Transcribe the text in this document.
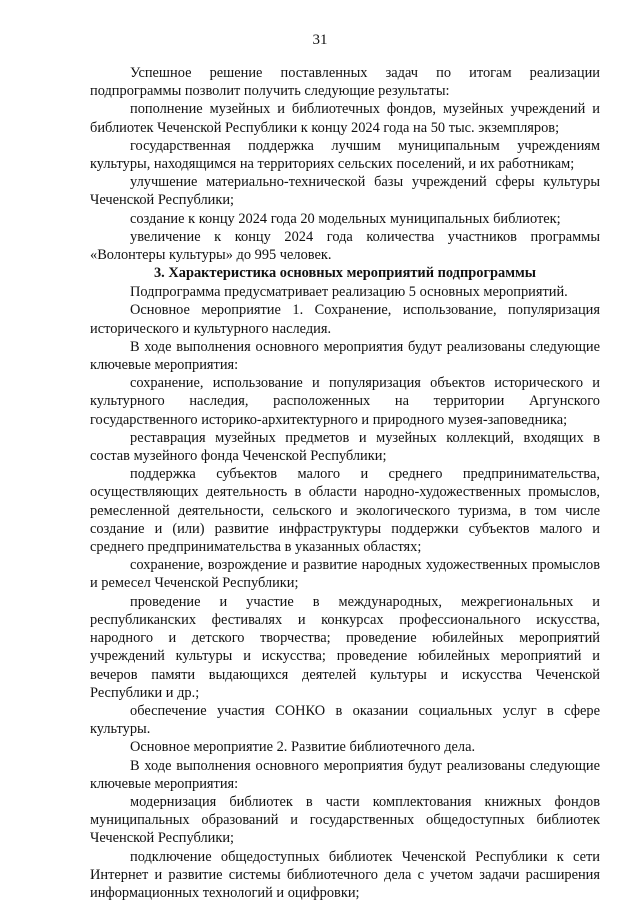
31

Успешное решение поставленных задач по итогам реализации подпрограммы позволит получить следующие результаты:

пополнение музейных и библиотечных фондов, музейных учреждений и библиотек Чеченской Республики к концу 2024 года на 50 тыс. экземпляров;

государственная поддержка лучшим муниципальным учреждениям культуры, находящимся на территориях сельских поселений, и их работникам;

улучшение материально-технической базы учреждений сферы культуры Чеченской Республики;

создание к концу 2024 года 20 модельных муниципальных библиотек;

увеличение к концу 2024 года количества участников программы «Волонтеры культуры» до 995 человек.

3. Характеристика основных мероприятий подпрограммы

Подпрограмма предусматривает реализацию 5 основных мероприятий.

Основное мероприятие 1. Сохранение, использование, популяризация исторического и культурного наследия.

В ходе выполнения основного мероприятия будут реализованы следующие ключевые мероприятия:

сохранение, использование и популяризация объектов исторического и культурного наследия, расположенных на территории Аргунского государственного историко-архитектурного и природного музея-заповедника;

реставрация музейных предметов и музейных коллекций, входящих в состав музейного фонда Чеченской Республики;

поддержка субъектов малого и среднего предпринимательства, осуществляющих деятельность в области народно-художественных промыслов, ремесленной деятельности, сельского и экологического туризма, в том числе создание и (или) развитие инфраструктуры поддержки субъектов малого и среднего предпринимательства в указанных областях;

сохранение, возрождение и развитие народных художественных промыслов и ремесел Чеченской Республики;

проведение и участие в международных, межрегиональных и республиканских фестивалях и конкурсах профессионального искусства, народного и детского творчества; проведение юбилейных мероприятий учреждений культуры и искусства; проведение юбилейных мероприятий и вечеров памяти выдающихся деятелей культуры и искусства Чеченской Республики и др.;

обеспечение участия СОНКО в оказании социальных услуг в сфере культуры.

Основное мероприятие 2. Развитие библиотечного дела.

В ходе выполнения основного мероприятия будут реализованы следующие ключевые мероприятия:

модернизация библиотек в части комплектования книжных фондов муниципальных образований и государственных общедоступных библиотек Чеченской Республики;

подключение общедоступных библиотек Чеченской Республики к сети Интернет и развитие системы библиотечного дела с учетом задачи расширения информационных технологий и оцифровки;
